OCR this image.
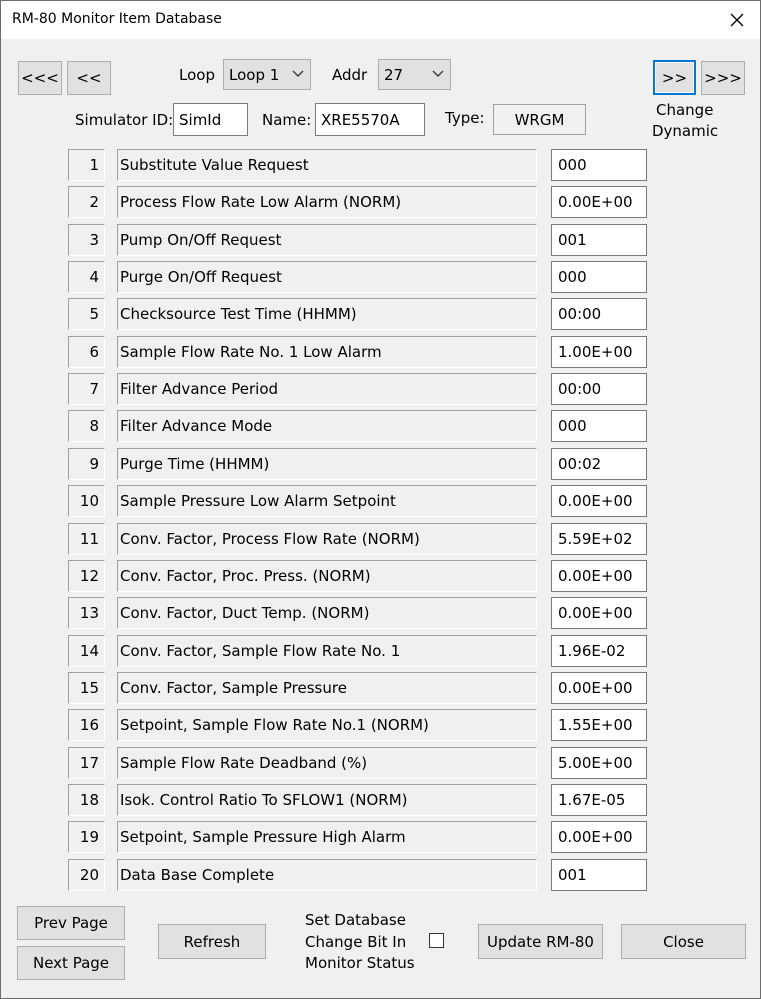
RM-80 Monitor Item Database
<<<	<<	Loop Loop 1	Addr 27	>>	>>>
Change
Dynamic
Simulator ID: SimId	Name: XRE5570A	Type:	WRGM
1	Substitute Value Request	000
2	Process Flow Rate Low Alarm (NORM)	0.00E+00
3	Pump On/Off Request	001
4	Purge On/Off Request	000
5	Checksource Test Time (HHMM)	00:00
6	Sample Flow Rate No. 1 Low Alarm	1.00E+00
7	Filter Advance Period	00:00
8	Filter Advance Mode	000
9	Purge Time (HHMM)	00:02
10	Sample Pressure Low Alarm Setpoint	0.00E+00
11	Conv. Factor, Process Flow Rate (NORM)	5.59E+02
12	Conv. Factor, Proc. Press. (NORM)	0.00E+00
13	Conv. Factor, Duct Temp. (NORM)	0.00E+00
14	Conv. Factor, Sample Flow Rate No. 1	1.96E-02
15	Conv. Factor, Sample Pressure	0.00E+00
16	Setpoint, Sample Flow Rate No.1 (NORM)	1.55E+00
17	Sample Flow Rate Deadband (%)	5.00E+00
18	Isok. Control Ratio To SFLOW1 (NORM)	1.67E-05
19	Setpoint, Sample Pressure High Alarm	0.00E+00
20	Data Base Complete	001
Prev Page
Next Page
Refresh
Set Database
Change Bit In
Monitor Status
Update RM-80	Close
